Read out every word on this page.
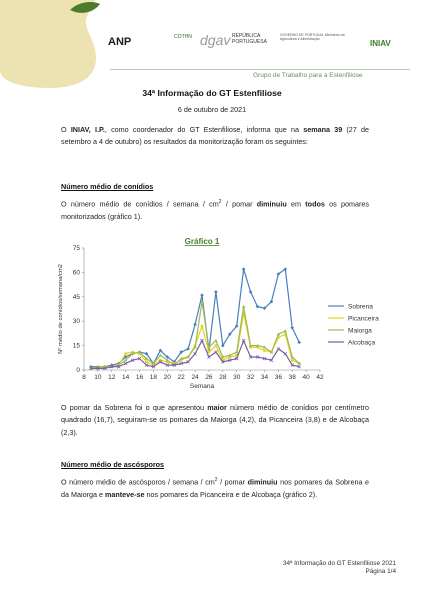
ANP	COTHN dgav REPÚBLICA PORTUGUESA
GOVERNO DE PORTUGAL Ministério da Agricultura e Alimentação	INIAV
Grupo de Trabalho para a Estenfiliose
34ª Informação do GT Estenfiliose
6 de outubro de 2021
O INIAV, I.P., como coordenador do GT Estenfiliose, informa que na semana 39 (27 de setembro a 4 de outubro) os resultados da monitorização foram os seguintes:
Número médio de conídios
O número médio de conídios / semana / $cm^2$ / pomar diminuiu em todos os pomares monitorizados (gráfico 1).
Gráfico 1
0
15
30
45
60
75
8 10 12 14 16 18 20 22 24 26 28 30 32 34 36 38 40 42
Semana
Nº médio de conídios/semana/cm2	Sobrena
Picanceira
Maiorga
Alcobaça
O pomar da Sobrena foi o que apresentou maior número médio de conídios por centímetro quadrado (16,7), seguiram-se os pomares da Maiorga (4,2), da Picanceira (3,8) e de Alcobaça (2,3).
Número médio de ascósporos
O número médio de ascósporos / semana / $cm^2$ / pomar diminuiu nos pomares da Sobrena e da Maiorga e manteve-se nos pomares da Picanceira e de Alcobaça (gráfico 2).
34ª Informação do GT Estenfiliose 2021
Página 1/4
